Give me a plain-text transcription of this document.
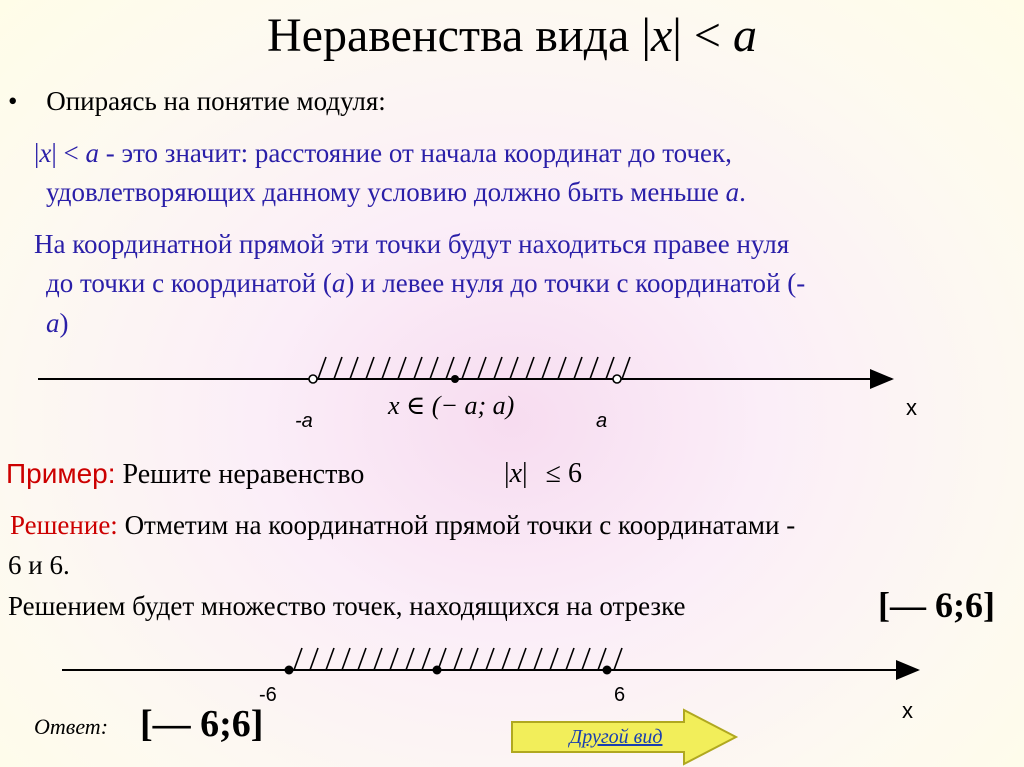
Неравенства вида |x| < a
• Опираясь на понятие модуля:
|x| < a - это значит: расстояние от начала координат до точек,
удовлетворяющих данному условию должно быть меньше a.
На координатной прямой эти точки будут находиться правее нуля
до точки с координатой (a) и левее нуля до точки с координатой (-
a)
-a
x ∈ (− a; a)
a
x
Пример: Решите неравенство	|x| ≤ 6
Решение: Отметим на координатной прямой точки с координатами -
6 и 6.
Решением будет множество точек, находящихся на отрезке	[— 6;6]
-6	6
x
Ответ: [— 6;6]	Другой вид
